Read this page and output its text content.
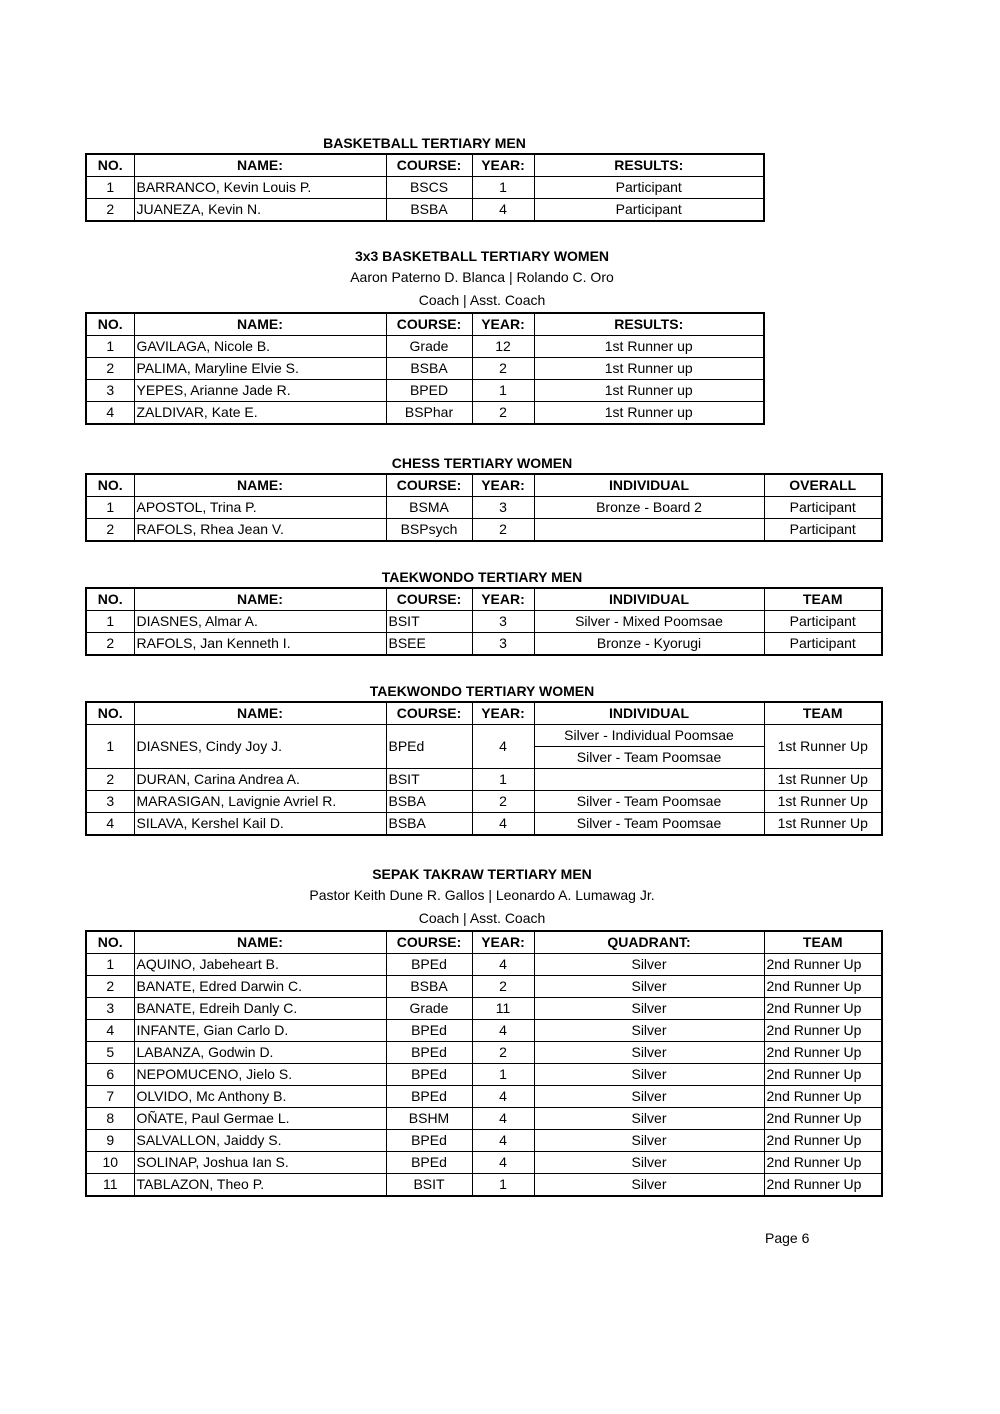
BASKETBALL TERTIARY MEN
NO.	NAME:	COURSE:	YEAR:	RESULTS:
1	BARRANCO, Kevin Louis P.	BSCS	1	Participant
2	JUANEZA, Kevin N.	BSBA	4	Participant
3x3 BASKETBALL TERTIARY WOMEN
Aaron Paterno D. Blanca | Rolando C. Oro
Coach | Asst. Coach
NO.	NAME:	COURSE:	YEAR:	RESULTS:
1	GAVILAGA, Nicole B.	Grade	12	1st Runner up
2	PALIMA, Maryline Elvie S.	BSBA	2	1st Runner up
3	YEPES, Arianne Jade R.	BPED	1	1st Runner up
4	ZALDIVAR, Kate E.	BSPhar	2	1st Runner up
CHESS TERTIARY WOMEN
NO.	NAME:	COURSE:	YEAR:	INDIVIDUAL	OVERALL
1	APOSTOL, Trina P.	BSMA	3	Bronze - Board 2	Participant
2	RAFOLS, Rhea Jean V.	BSPsych	2		Participant
TAEKWONDO TERTIARY MEN
NO.	NAME:	COURSE:	YEAR:	INDIVIDUAL	TEAM
1	DIASNES, Almar A.	BSIT	3	Silver - Mixed Poomsae	Participant
2	RAFOLS, Jan Kenneth I.	BSEE	3	Bronze - Kyorugi	Participant
TAEKWONDO TERTIARY WOMEN
NO.	NAME:	COURSE:	YEAR:	INDIVIDUAL	TEAM
1	DIASNES, Cindy Joy J.	BPEd	4	Silver - Individual Poomsae	1st Runner Up
				Silver - Team Poomsae	
2	DURAN, Carina Andrea A.	BSIT	1		1st Runner Up
3	MARASIGAN, Lavignie Avriel R.	BSBA	2	Silver - Team Poomsae	1st Runner Up
4	SILAVA, Kershel Kail D.	BSBA	4	Silver - Team Poomsae	1st Runner Up
SEPAK TAKRAW TERTIARY MEN
Pastor Keith Dune R. Gallos | Leonardo A. Lumawag Jr.
Coach | Asst. Coach
NO.	NAME:	COURSE:	YEAR:	QUADRANT:	TEAM
1	AQUINO, Jabeheart B.	BPEd	4	Silver	2nd Runner Up
2	BANATE, Edred Darwin C.	BSBA	2	Silver	2nd Runner Up
3	BANATE, Edreih Danly C.	Grade	11	Silver	2nd Runner Up
4	INFANTE, Gian Carlo D.	BPEd	4	Silver	2nd Runner Up
5	LABANZA, Godwin D.	BPEd	2	Silver	2nd Runner Up
6	NEPOMUCENO, Jielo S.	BPEd	1	Silver	2nd Runner Up
7	OLVIDO, Mc Anthony B.	BPEd	4	Silver	2nd Runner Up
8	OÑATE, Paul Germae L.	BSHM	4	Silver	2nd Runner Up
9	SALVALLON, Jaiddy S.	BPEd	4	Silver	2nd Runner Up
10	SOLINAP, Joshua Ian S.	BPEd	4	Silver	2nd Runner Up
11	TABLAZON, Theo P.	BSIT	1	Silver	2nd Runner Up
Page 6
